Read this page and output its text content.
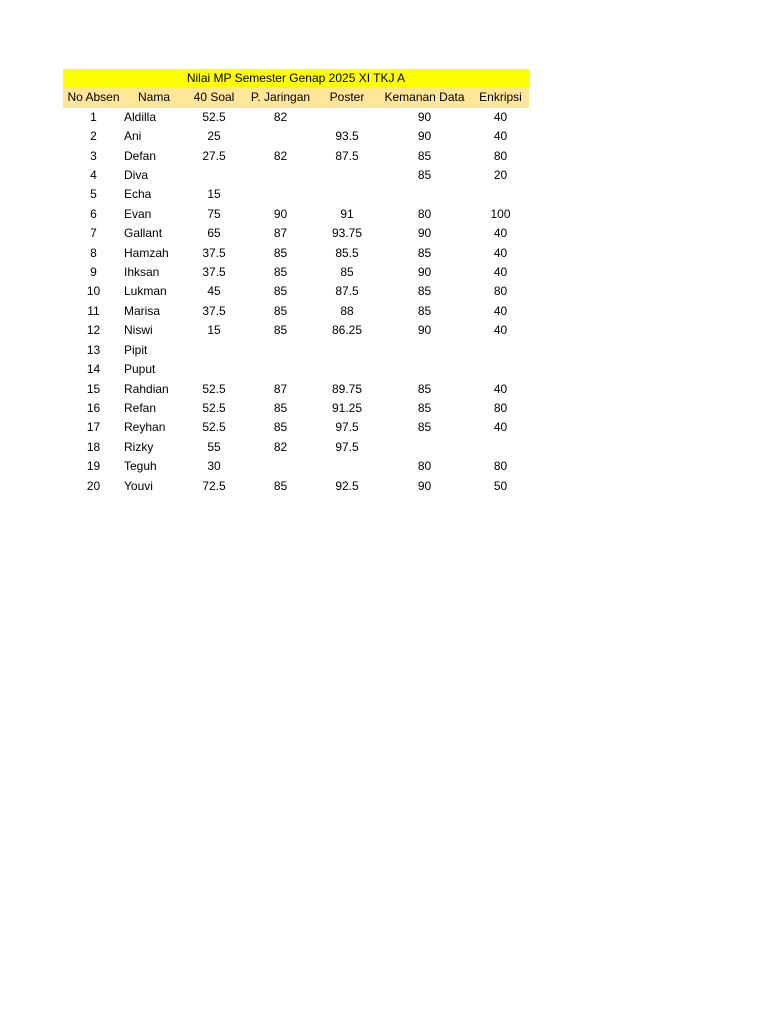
Nilai MP Semester Genap 2025 XI TKJ A						
No Absen	Nama	40 Soal	P. Jaringan	Poster	Kemanan Data	Enkripsi
1	Aldilla	52.5	82		90	40
2	Ani	25		93.5	90	40
3	Defan	27.5	82	87.5	85	80
4	Diva				85	20
5	Echa	15				
6	Evan	75	90	91	80	100
7	Gallant	65	87	93.75	90	40
8	Hamzah	37.5	85	85.5	85	40
9	Ihksan	37.5	85	85	90	40
10	Lukman	45	85	87.5	85	80
11	Marisa	37.5	85	88	85	40
12	Niswi	15	85	86.25	90	40
13	Pipit					
14	Puput					
15	Rahdian	52.5	87	89.75	85	40
16	Refan	52.5	85	91.25	85	80
17	Reyhan	52.5	85	97.5	85	40
18	Rizky	55	82	97.5		
19	Teguh	30			80	80
20	Youvi	72.5	85	92.5	90	50
